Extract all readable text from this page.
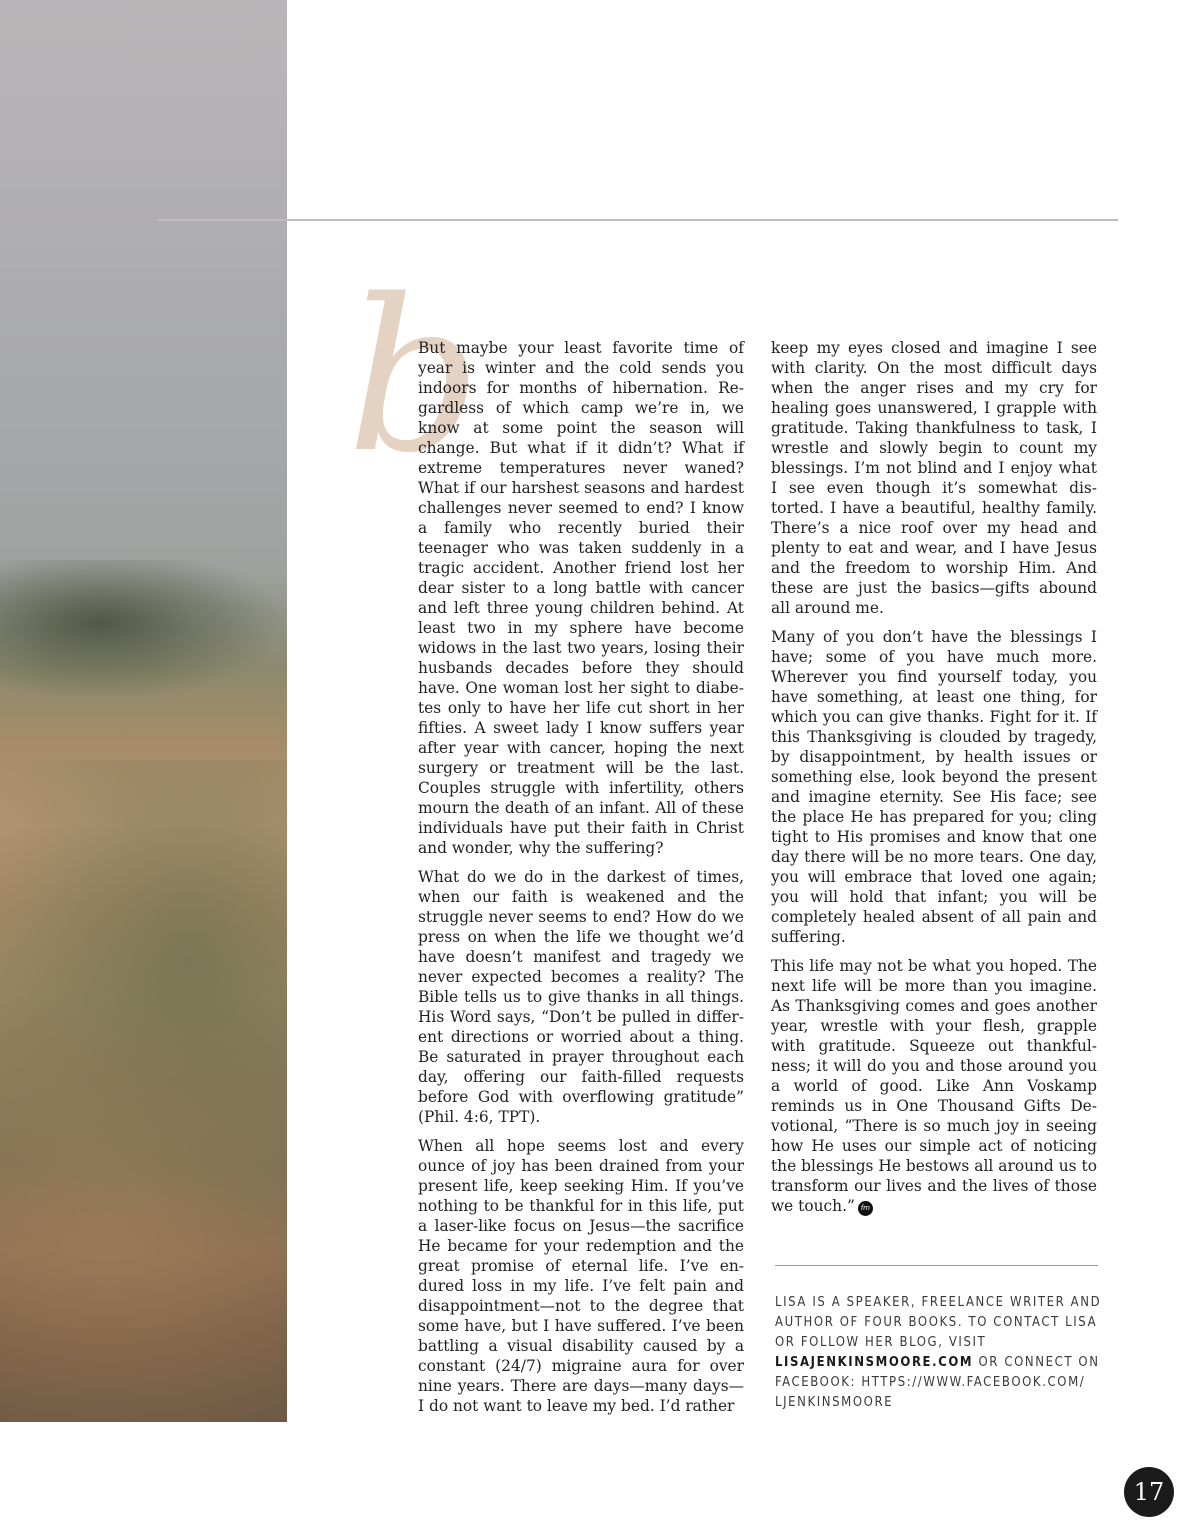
b

But maybe your least favorite time of year is winter and the cold sends you indoors for months of hibernation. Regardless of which camp we’re in, we know at some point the season will change. But what if it didn’t? What if extreme temperatures never waned? What if our harshest seasons and hardest challenges never seemed to end? I know a family who recently buried their teenager who was taken suddenly in a tragic accident. Another friend lost her dear sister to a long battle with cancer and left three young children behind. At least two in my sphere have become widows in the last two years, losing their husbands decades before they should have. One woman lost her sight to diabetes only to have her life cut short in her fifties. A sweet lady I know suffers year after year with cancer, hoping the next surgery or treatment will be the last. Couples struggle with infertility, others mourn the death of an infant. All of these individuals have put their faith in Christ and wonder, why the suffering?

What do we do in the darkest of times, when our faith is weakened and the struggle never seems to end? How do we press on when the life we thought we’d have doesn’t manifest and tragedy we never expected becomes a reality? The Bible tells us to give thanks in all things. His Word says, “Don’t be pulled in different directions or worried about a thing. Be saturated in prayer throughout each day, offering our faith-filled requests before God with overflowing gratitude” (Phil. 4:6, TPT).

When all hope seems lost and every ounce of joy has been drained from your present life, keep seeking Him. If you’ve nothing to be thankful for in this life, put a laser-like focus on Jesus—the sacrifice He became for your redemption and the great promise of eternal life. I’ve endured loss in my life. I’ve felt pain and disappointment—not to the degree that some have, but I have suffered. I’ve been battling a visual disability caused by a constant (24/7) migraine aura for over nine years. There are days—many days—I do not want to leave my bed. I’d rather

keep my eyes closed and imagine I see with clarity. On the most difficult days when the anger rises and my cry for healing goes unanswered, I grapple with gratitude. Taking thankfulness to task, I wrestle and slowly begin to count my blessings. I’m not blind and I enjoy what I see even though it’s somewhat distorted. I have a beautiful, healthy family. There’s a nice roof over my head and plenty to eat and wear, and I have Jesus and the freedom to worship Him. And these are just the basics—gifts abound all around me.

Many of you don’t have the blessings I have; some of you have much more. Wherever you find yourself today, you have something, at least one thing, for which you can give thanks. Fight for it. If this Thanksgiving is clouded by tragedy, by disappointment, by health issues or something else, look beyond the present and imagine eternity. See His face; see the place He has prepared for you; cling tight to His promises and know that one day there will be no more tears. One day, you will embrace that loved one again; you will hold that infant; you will be completely healed absent of all pain and suffering.

This life may not be what you hoped. The next life will be more than you imagine. As Thanksgiving comes and goes another year, wrestle with your flesh, grapple with gratitude. Squeeze out thankfulness; it will do you and those around you a world of good. Like Ann Voskamp reminds us in One Thousand Gifts Devotional, “There is so much joy in seeing how He uses our simple act of noticing the blessings He bestows all around us to transform our lives and the lives of those we touch.” fm

LISA IS A SPEAKER, FREELANCE WRITER AND AUTHOR OF FOUR BOOKS. TO CONTACT LISA OR FOLLOW HER BLOG, VISIT LISAJENKINSMOORE.COM OR CONNECT ON FACEBOOK: HTTPS://WWW.FACEBOOK.COM/ LJENKINSMOORE
17
